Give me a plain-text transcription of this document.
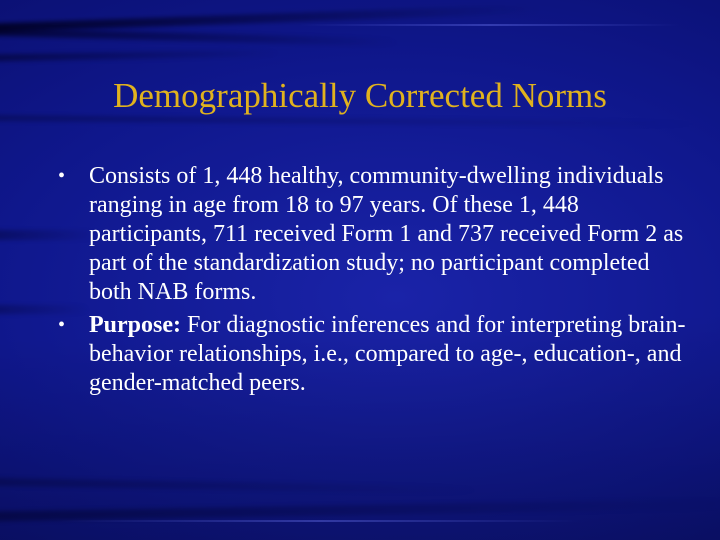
Demographically Corrected Norms
• Consists of 1, 448 healthy, community-dwelling individuals ranging in age from 18 to 97 years. Of these 1, 448 participants, 711 received Form 1 and 737 received Form 2 as part of the standardization study; no participant completed both NAB forms.
• Purpose: For diagnostic inferences and for interpreting brain-behavior relationships, i.e., compared to age-, education-, and gender-matched peers.
